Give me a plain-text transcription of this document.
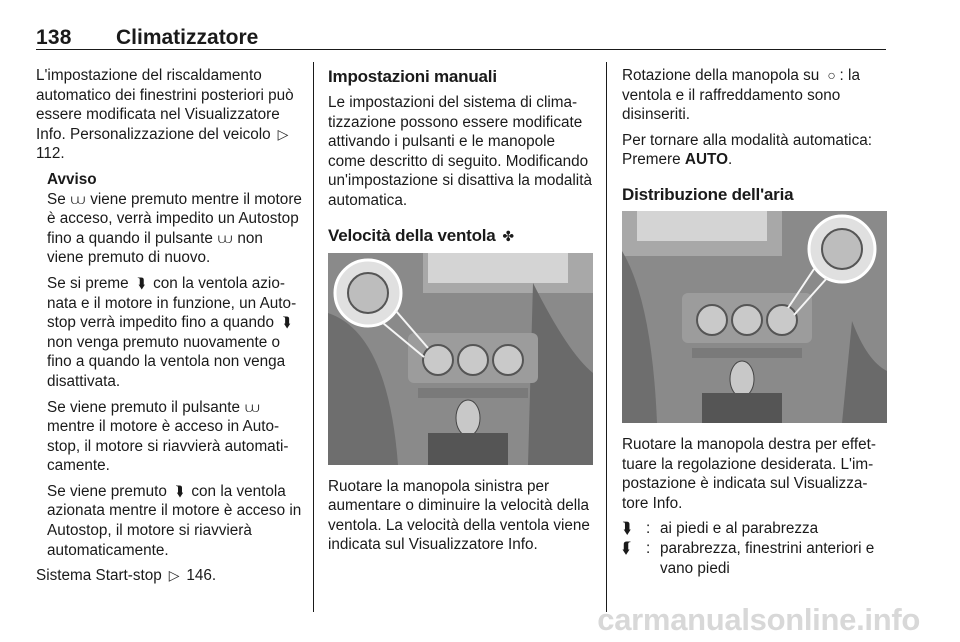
138 Climatizzatore

L'impostazione del riscaldamento automatico dei finestrini posteriori può essere modificata nel Visualizzatore Info. Personalizzazione del veicolo ▷ 112.

Avviso

Se ⩊ viene premuto mentre il motore è acceso, verrà impedito un Autostop fino a quando il pulsante ⩊ non viene premuto di nuovo.

Se si preme ⮯ con la ventola azionata e il motore in funzione, un Autostop verrà impedito fino a quando ⮯ non venga premuto nuovamente o fino a quando la ventola non venga disattivata.

Se viene premuto il pulsante ⩊ mentre il motore è acceso in Autostop, il motore si riavvierà automaticamente.

Se viene premuto ⮯ con la ventola azionata mentre il motore è acceso in Autostop, il motore si riavvierà automaticamente.

Sistema Start-stop ▷ 146.

Impostazioni manuali

Le impostazioni del sistema di climatizzazione possono essere modificate attivando i pulsanti e le manopole come descritto di seguito. Modificando un'impostazione si disattiva la modalità automatica.

Velocità della ventola ✤

Ruotare la manopola sinistra per aumentare o diminuire la velocità della ventola. La velocità della ventola viene indicata sul Visualizzatore Info.

Rotazione della manopola su ○ : la ventola e il raffreddamento sono disinseriti.

Per tornare alla modalità automatica: Premere AUTO.

Distribuzione dell'aria

Ruotare la manopola destra per effettuare la regolazione desiderata. L'impostazione è indicata sul Visualizzatore Info.

⮯ : ai piedi e al parabrezza
⮮ : parabrezza, finestrini anteriori e vano piedi
carmanualsonline.info
